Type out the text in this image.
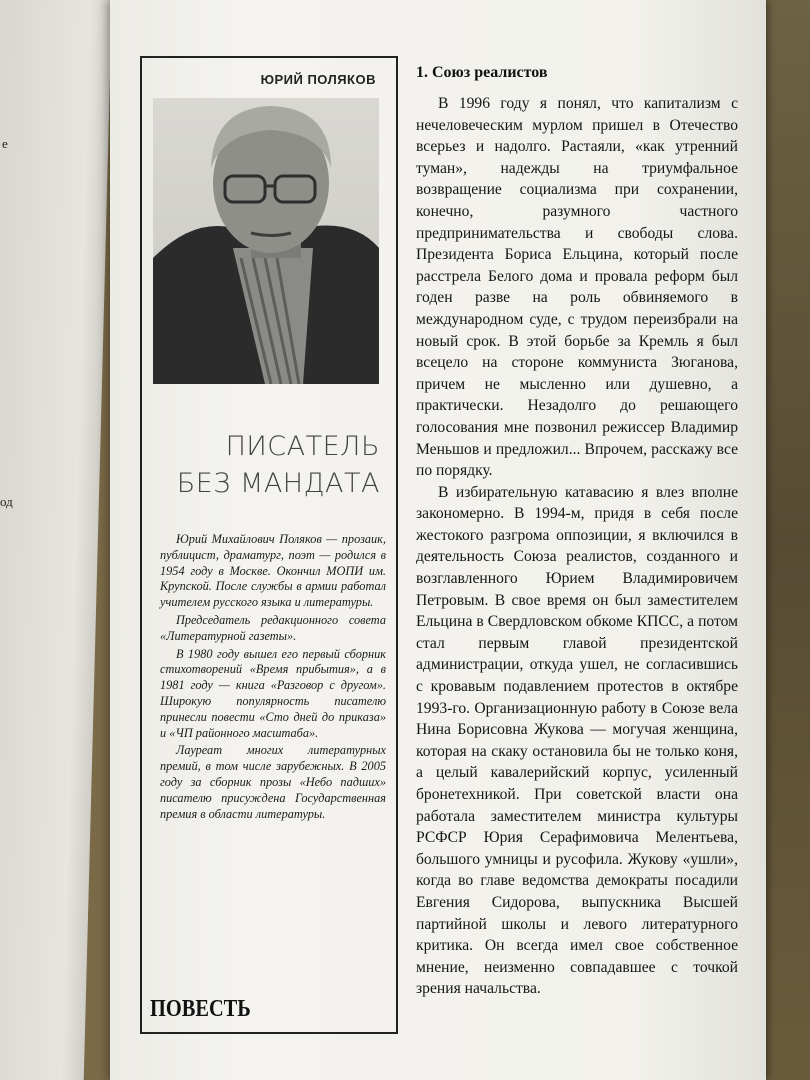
е
од
ЮРИЙ ПОЛЯКОВ
ПИСАТЕЛЬ
БЕЗ МАНДАТА

Юрий Михайлович Поляков — прозаик, публицист, драматург, поэт — родился в 1954 году в Москве. Окончил МОПИ им. Крупской. После службы в армии работал учителем русского языка и литературы.

Председатель редакционного совета «Литературной газеты».

В 1980 году вышел его первый сборник стихотворений «Время прибытия», а в 1981 году — книга «Разговор с другом». Широкую популярность писателю принесли повести «Сто дней до приказа» и «ЧП районного масштаба».

Лауреат многих литературных премий, в том числе зарубежных. В 2005 году за сборник прозы «Небо падших» писателю присуждена Государственная премия в области литературы.

ПОВЕСТЬ
1. Союз реалистов

В 1996 году я понял, что капитализм с нечеловеческим мурлом пришел в Отечество всерьез и надолго. Растаяли, «как утренний туман», надежды на триумфальное возвращение социализма при сохранении, конечно, разумного частного предпринимательства и свободы слова. Президента Бориса Ельцина, который после расстрела Белого дома и провала реформ был годен разве на роль обвиняемого в международном суде, с трудом переизбрали на новый срок. В этой борьбе за Кремль я был всецело на стороне коммуниста Зюганова, причем не мысленно или душевно, а практически. Незадолго до решающего голосования мне позвонил режиссер Владимир Меньшов и предложил... Впрочем, расскажу все по порядку.

В избирательную катавасию я влез вполне закономерно. В 1994-м, придя в себя после жестокого разгрома оппозиции, я включился в деятельность Союза реалистов, созданного и возглавленного Юрием Владимировичем Петровым. В свое время он был заместителем Ельцина в Свердловском обкоме КПСС, а потом стал первым главой президентской администрации, откуда ушел, не согласившись с кровавым подавлением протестов в октябре 1993-го. Организационную работу в Союзе вела Нина Борисовна Жукова — могучая женщина, которая на скаку остановила бы не только коня, а целый кавалерийский корпус, усиленный бронетехникой. При советской власти она работала заместителем министра культуры РСФСР Юрия Серафимовича Мелентьева, большого умницы и русофила. Жукову «ушли», когда во главе ведомства демократы посадили Евгения Сидорова, выпускника Высшей партийной школы и левого литературного критика. Он всегда имел свое собственное мнение, неизменно совпадавшее с точкой зрения начальства.
